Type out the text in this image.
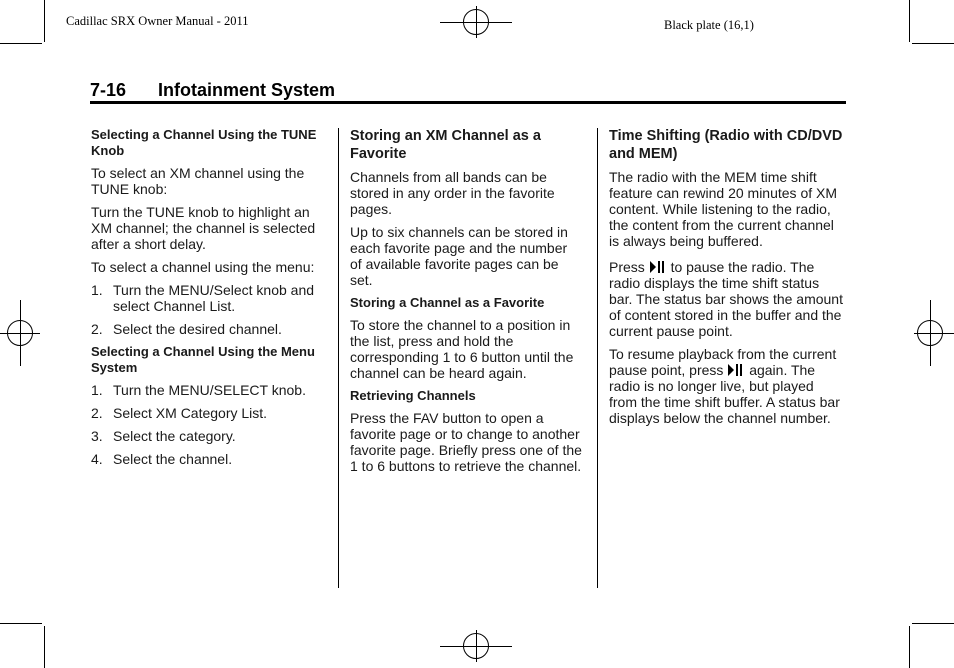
Cadillac SRX Owner Manual - 2011	Black plate (16,1)
7-16 Infotainment System
Selecting a Channel Using the TUNE Knob

To select an XM channel using the TUNE knob:

Turn the TUNE knob to highlight an XM channel; the channel is selected after a short delay.

To select a channel using the menu:

1. Turn the MENU/Select knob and select Channel List.
2. Select the desired channel.
Selecting a Channel Using the Menu System
1. Turn the MENU/SELECT knob.
2. Select XM Category List.
3. Select the category.
4. Select the channel.
Storing an XM Channel as a Favorite

Channels from all bands can be stored in any order in the favorite pages.

Up to six channels can be stored in each favorite page and the number of available favorite pages can be set.

Storing a Channel as a Favorite

To store the channel to a position in the list, press and hold the corresponding 1 to 6 button until the channel can be heard again.

Retrieving Channels

Press the FAV button to open a favorite page or to change to another favorite page. Briefly press one of the 1 to 6 buttons to retrieve the channel.

Time Shifting (Radio with CD/DVD and MEM)

The radio with the MEM time shift feature can rewind 20 minutes of XM content. While listening to the radio, the content from the current channel is always being buffered.

Press to pause the radio. The radio displays the time shift status bar. The status bar shows the amount of content stored in the buffer and the current pause point.

To resume playback from the current pause point, press again. The radio is no longer live, but played from the time shift buffer. A status bar displays below the channel number.
